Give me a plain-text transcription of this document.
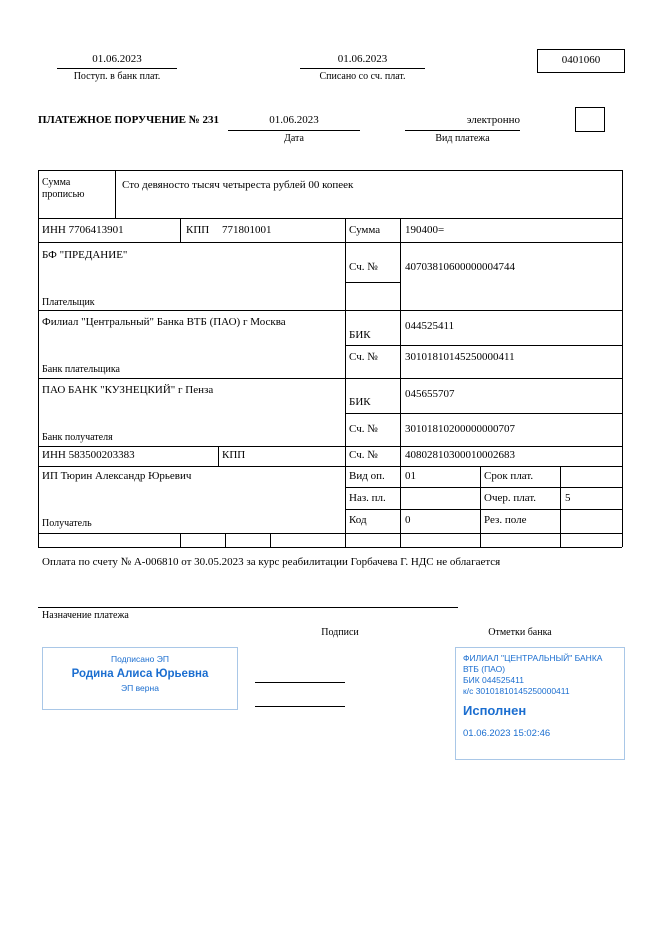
01.06.2023
Поступ. в банк плат.
01.06.2023
Списано со сч. плат.
0401060
ПЛАТЕЖНОЕ ПОРУЧЕНИЕ № 231	01.06.2023
Дата
электронно
Вид платежа
Сумма прописью
Сто девяносто тысяч четыреста рублей 00 копеек
ИНН 7706413901	КПП 771801001	Сумма 190400=
БФ "ПРЕДАНИЕ"
Плательщик
Сч. № 40703810600000004744
Филиал "Центральный" Банка ВТБ (ПАО) г Москва
Банк плательщика
БИК
044525411
Сч. № 30101810145250000411
ПАО БАНК "КУЗНЕЦКИЙ" г Пенза
Банк получателя
БИК
045655707
Сч. № 30101810200000000707
ИНН 583500203383	КПП	Сч. № 40802810300010002683
ИП Тюрин Александр Юрьевич
Получатель
Вид оп. 01	Срок плат.
Наз. пл.	Очер. плат.	5
Код	0	Рез. поле
Оплата по счету № А-006810 от 30.05.2023 за курс реабилитации Горбачева Г. НДС не облагается
Назначение платежа
Подписи	Отметки банка
Подписано ЭП
Родина Алиса Юрьевна
ЭП верна
ФИЛИАЛ "ЦЕНТРАЛЬНЫЙ" БАНКА
ВТБ (ПАО)
БИК 044525411
к/с 30101810145250000411
Исполнен
01.06.2023 15:02:46
